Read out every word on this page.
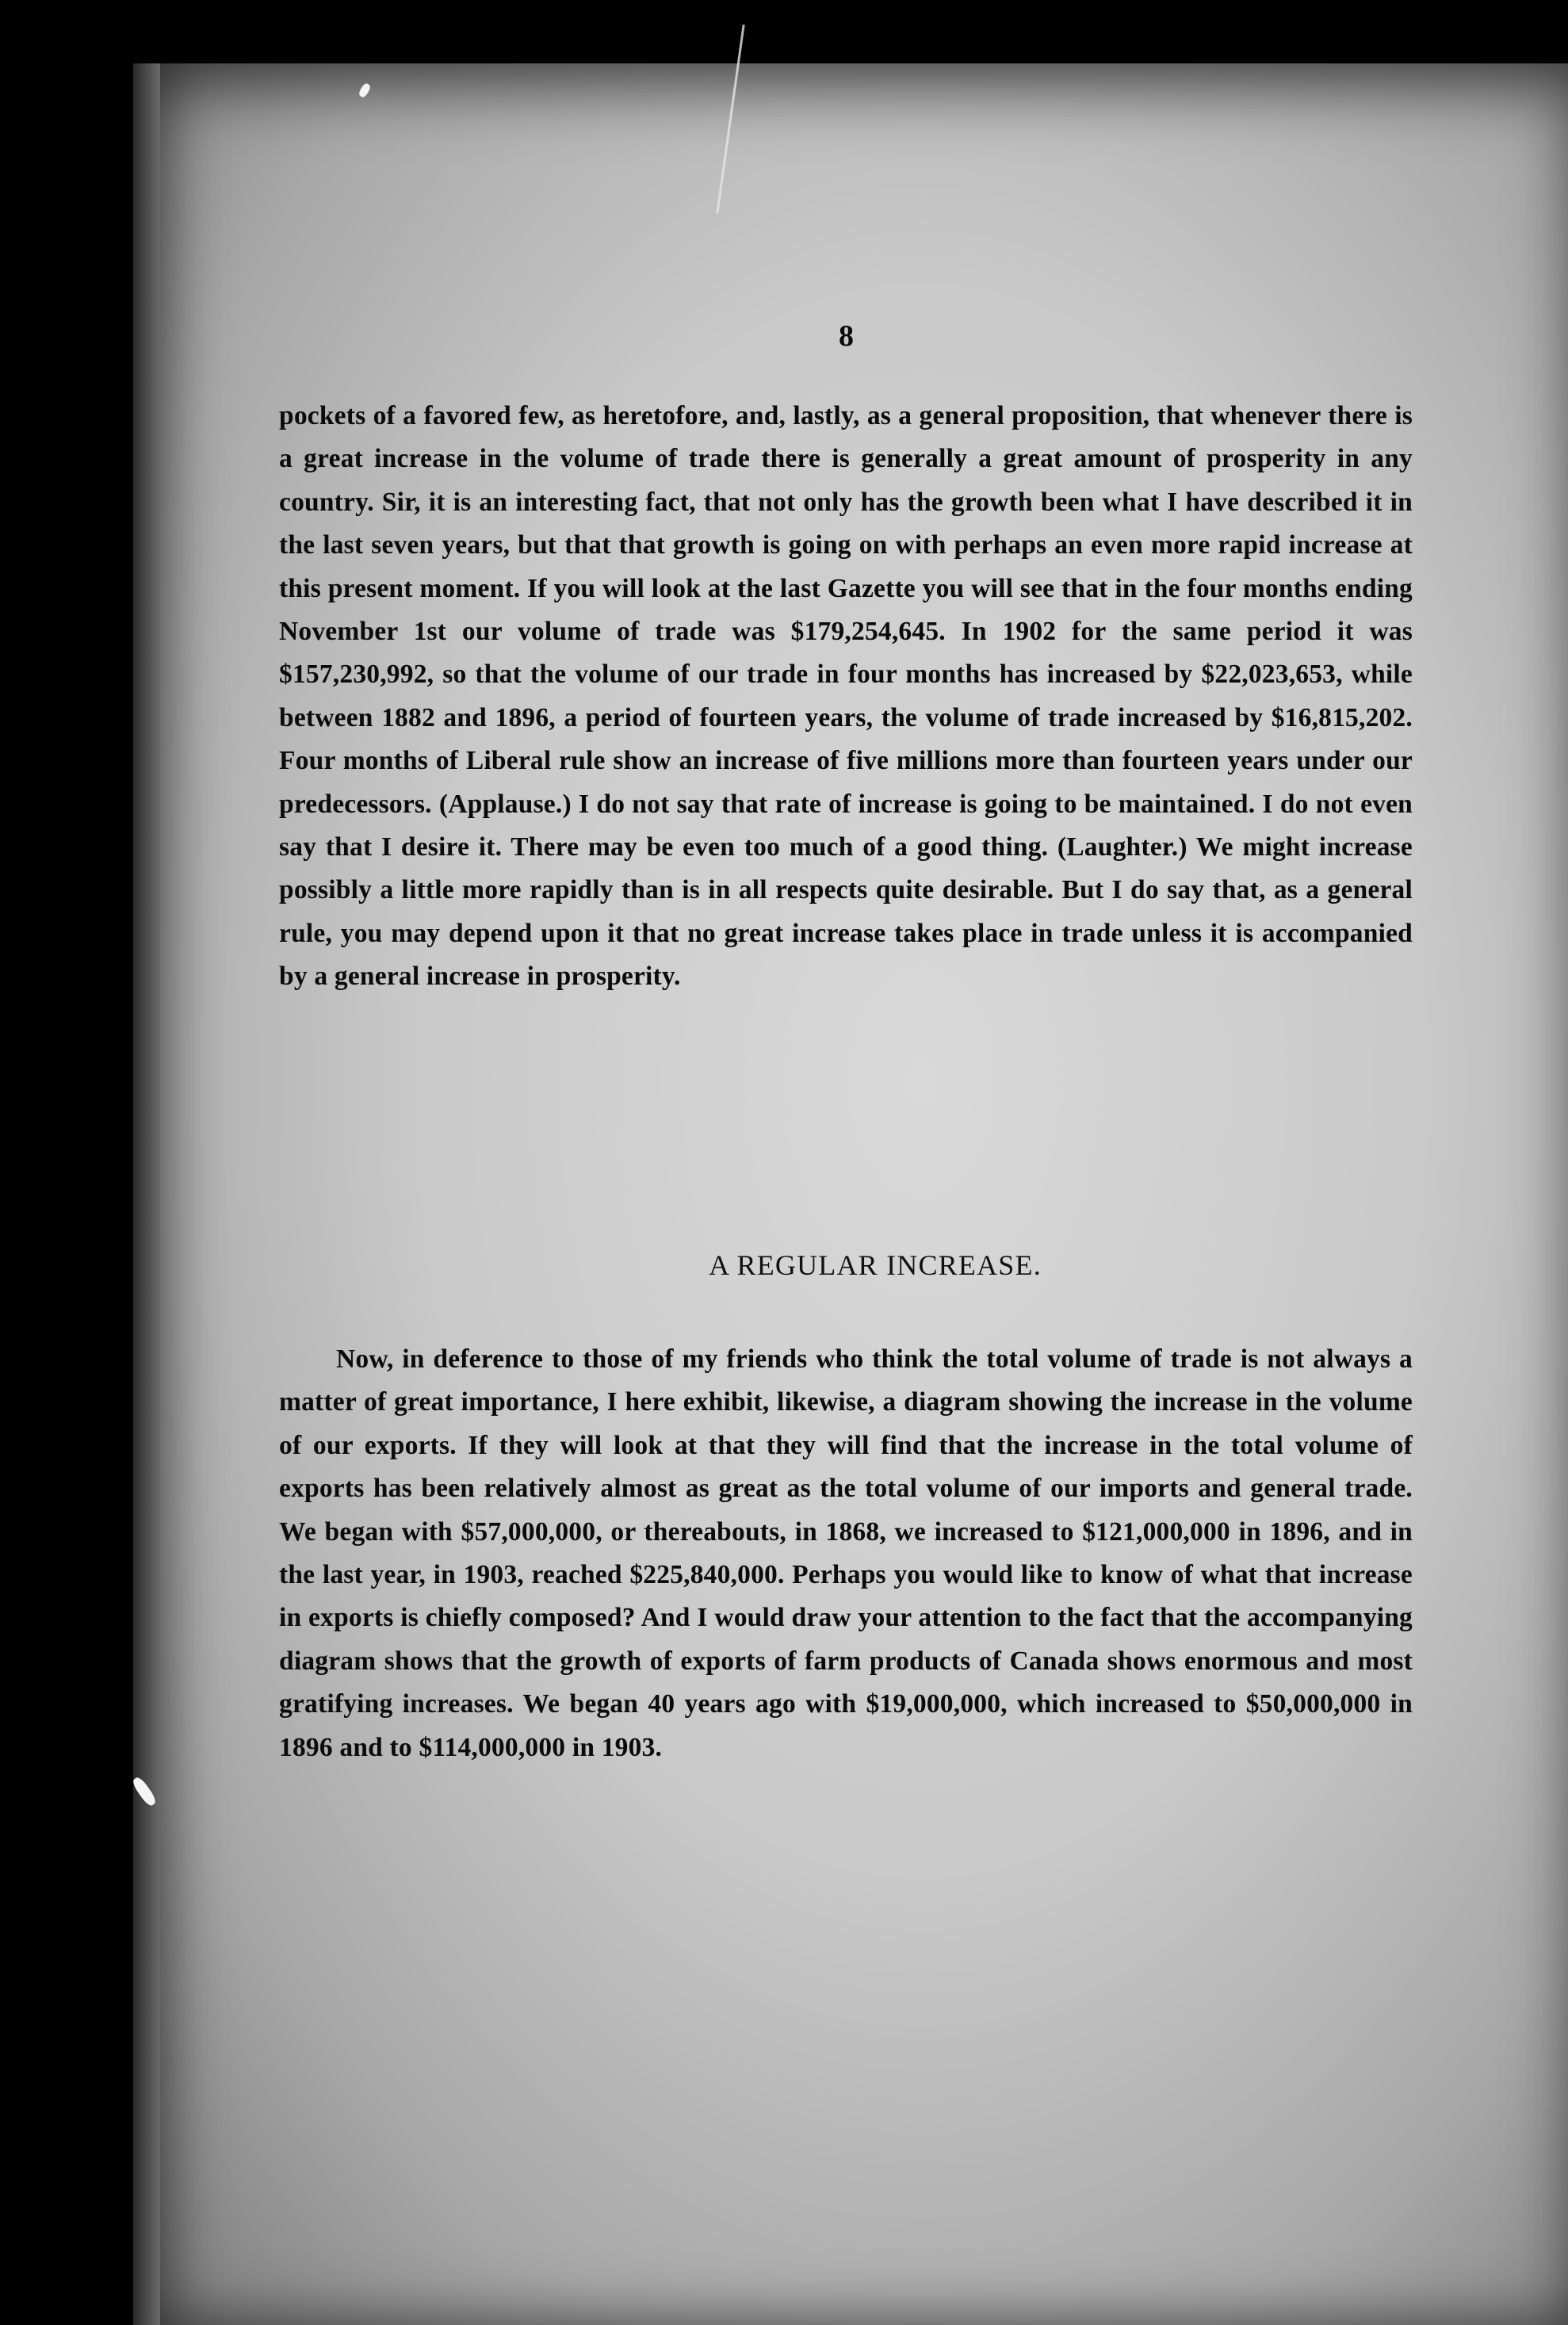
8

pockets of a favored few, as heretofore, and, lastly, as a general proposition, that whenever there is a great increase in the volume of trade there is generally a great amount of prosperity in any country. Sir, it is an interesting fact, that not only has the growth been what I have described it in the last seven years, but that that growth is going on with perhaps an even more rapid increase at this present moment. If you will look at the last Gazette you will see that in the four months ending November 1st our volume of trade was $179,254,645. In 1902 for the same period it was $157,230,992, so that the volume of our trade in four months has increased by $22,023,653, while between 1882 and 1896, a period of fourteen years, the volume of trade increased by $16,815,202. Four months of Liberal rule show an increase of five millions more than fourteen years under our predecessors. (Applause.) I do not say that rate of increase is going to be maintained. I do not even say that I desire it. There may be even too much of a good thing. (Laughter.) We might increase possibly a little more rapidly than is in all respects quite desirable. But I do say that, as a general rule, you may depend upon it that no great increase takes place in trade unless it is accompanied by a general increase in prosperity.

A REGULAR INCREASE.

Now, in deference to those of my friends who think the total volume of trade is not always a matter of great importance, I here exhibit, likewise, a diagram showing the increase in the volume of our exports. If they will look at that they will find that the increase in the total volume of exports has been relatively almost as great as the total volume of our imports and general trade. We began with $57,000,000, or thereabouts, in 1868, we increased to $121,000,000 in 1896, and in the last year, in 1903, reached $225,840,000. Perhaps you would like to know of what that increase in exports is chiefly composed? And I would draw your attention to the fact that the accompanying diagram shows that the growth of exports of farm products of Canada shows enormous and most gratifying increases. We began 40 years ago with $19,000,000, which increased to $50,000,000 in 1896 and to $114,000,000 in 1903.
